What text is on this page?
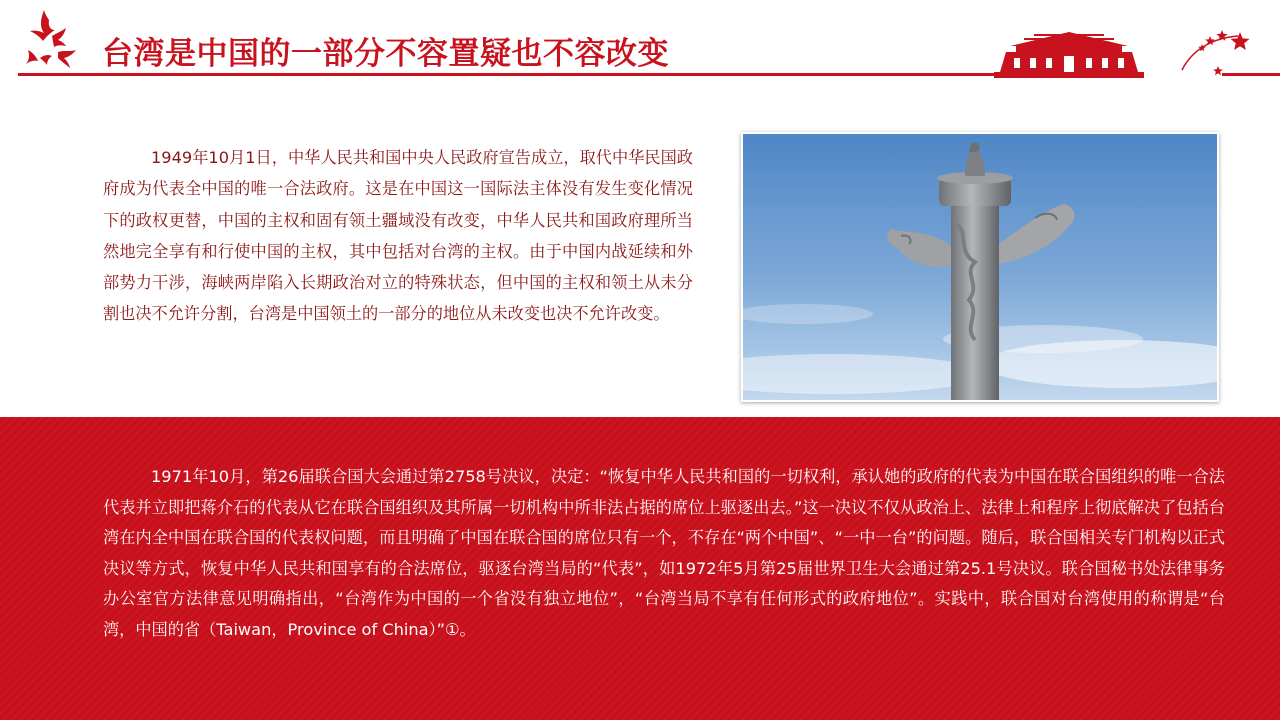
台湾是中国的一部分不容置疑也不容改变

1949年10月1日，中华人民共和国中央人民政府宣告成立，取代中华民国政府成为代表全中国的唯一合法政府。这是在中国这一国际法主体没有发生变化情况下的政权更替，中国的主权和固有领土疆域没有改变，中华人民共和国政府理所当然地完全享有和行使中国的主权，其中包括对台湾的主权。由于中国内战延续和外部势力干涉，海峡两岸陷入长期政治对立的特殊状态，但中国的主权和领土从未分割也决不允许分割，台湾是中国领土的一部分的地位从未改变也决不允许改变。

1971年10月，第26届联合国大会通过第2758号决议，决定：“恢复中华人民共和国的一切权利，承认她的政府的代表为中国在联合国组织的唯一合法代表并立即把蒋介石的代表从它在联合国组织及其所属一切机构中所非法占据的席位上驱逐出去。”这一决议不仅从政治上、法律上和程序上彻底解决了包括台湾在内全中国在联合国的代表权问题，而且明确了中国在联合国的席位只有一个，不存在“两个中国”、“一中一台”的问题。随后，联合国相关专门机构以正式决议等方式，恢复中华人民共和国享有的合法席位，驱逐台湾当局的“代表”，如1972年5月第25届世界卫生大会通过第25.1号决议。联合国秘书处法律事务办公室官方法律意见明确指出，“台湾作为中国的一个省没有独立地位”，“台湾当局不享有任何形式的政府地位”。实践中，联合国对台湾使用的称谓是“台湾，中国的省（Taiwan，Province of China）”①。
